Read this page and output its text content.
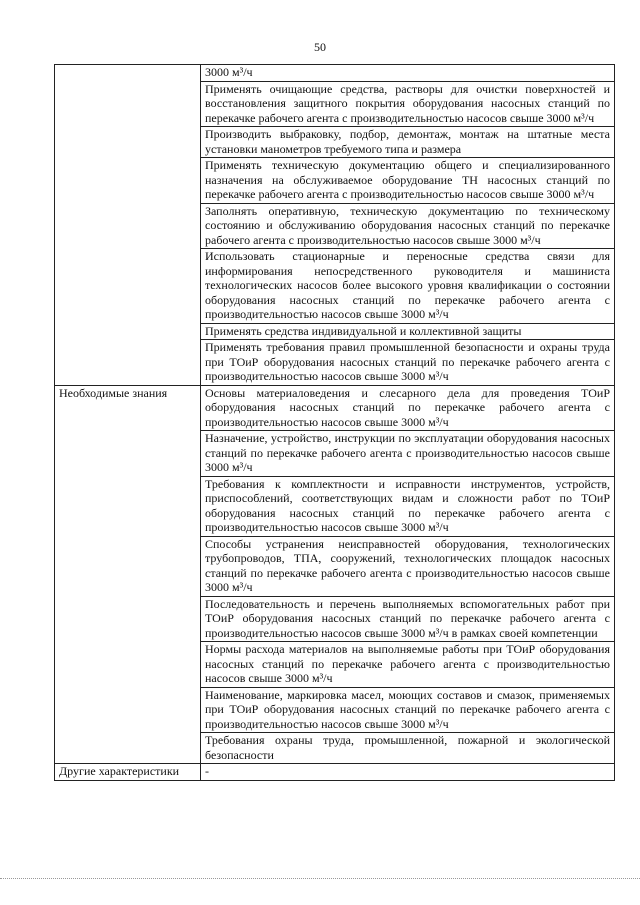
50
	3000 м³/ч
	Применять очищающие средства, растворы для очистки поверхностей и восстановления защитного покрытия оборудования насосных станций по перекачке рабочего агента с производительностью насосов свыше 3000 м³/ч
	Производить выбраковку, подбор, демонтаж, монтаж на штатные места установки манометров требуемого типа и размера
	Применять техническую документацию общего и специализированного назначения на обслуживаемое оборудование ТН насосных станций по перекачке рабочего агента с производительностью насосов свыше 3000 м³/ч
	Заполнять оперативную, техническую документацию по техническому состоянию и обслуживанию оборудования насосных станций по перекачке рабочего агента с производительностью насосов свыше 3000 м³/ч
	Использовать стационарные и переносные средства связи для информирования непосредственного руководителя и машиниста технологических насосов более высокого уровня квалификации о состоянии оборудования насосных станций по перекачке рабочего агента с производительностью насосов свыше 3000 м³/ч
	Применять средства индивидуальной и коллективной защиты
	Применять требования правил промышленной безопасности и охраны труда при ТОиР оборудования насосных станций по перекачке рабочего агента с производительностью насосов свыше 3000 м³/ч
Необходимые знания	Основы материаловедения и слесарного дела для проведения ТОиР оборудования насосных станций по перекачке рабочего агента с производительностью насосов свыше 3000 м³/ч
	Назначение, устройство, инструкции по эксплуатации оборудования насосных станций по перекачке рабочего агента с производительностью насосов свыше 3000 м³/ч
	Требования к комплектности и исправности инструментов, устройств, приспособлений, соответствующих видам и сложности работ по ТОиР оборудования насосных станций по перекачке рабочего агента с производительностью насосов свыше 3000 м³/ч
	Способы устранения неисправностей оборудования, технологических трубопроводов, ТПА, сооружений, технологических площадок насосных станций по перекачке рабочего агента с производительностью насосов свыше 3000 м³/ч
	Последовательность и перечень выполняемых вспомогательных работ при ТОиР оборудования насосных станций по перекачке рабочего агента с производительностью насосов свыше 3000 м³/ч в рамках своей компетенции
	Нормы расхода материалов на выполняемые работы при ТОиР оборудования насосных станций по перекачке рабочего агента с производительностью насосов свыше 3000 м³/ч
	Наименование, маркировка масел, моющих составов и смазок, применяемых при ТОиР оборудования насосных станций по перекачке рабочего агента с производительностью насосов свыше 3000 м³/ч
	Требования охраны труда, промышленной, пожарной и экологической безопасности
Другие характеристики	-
